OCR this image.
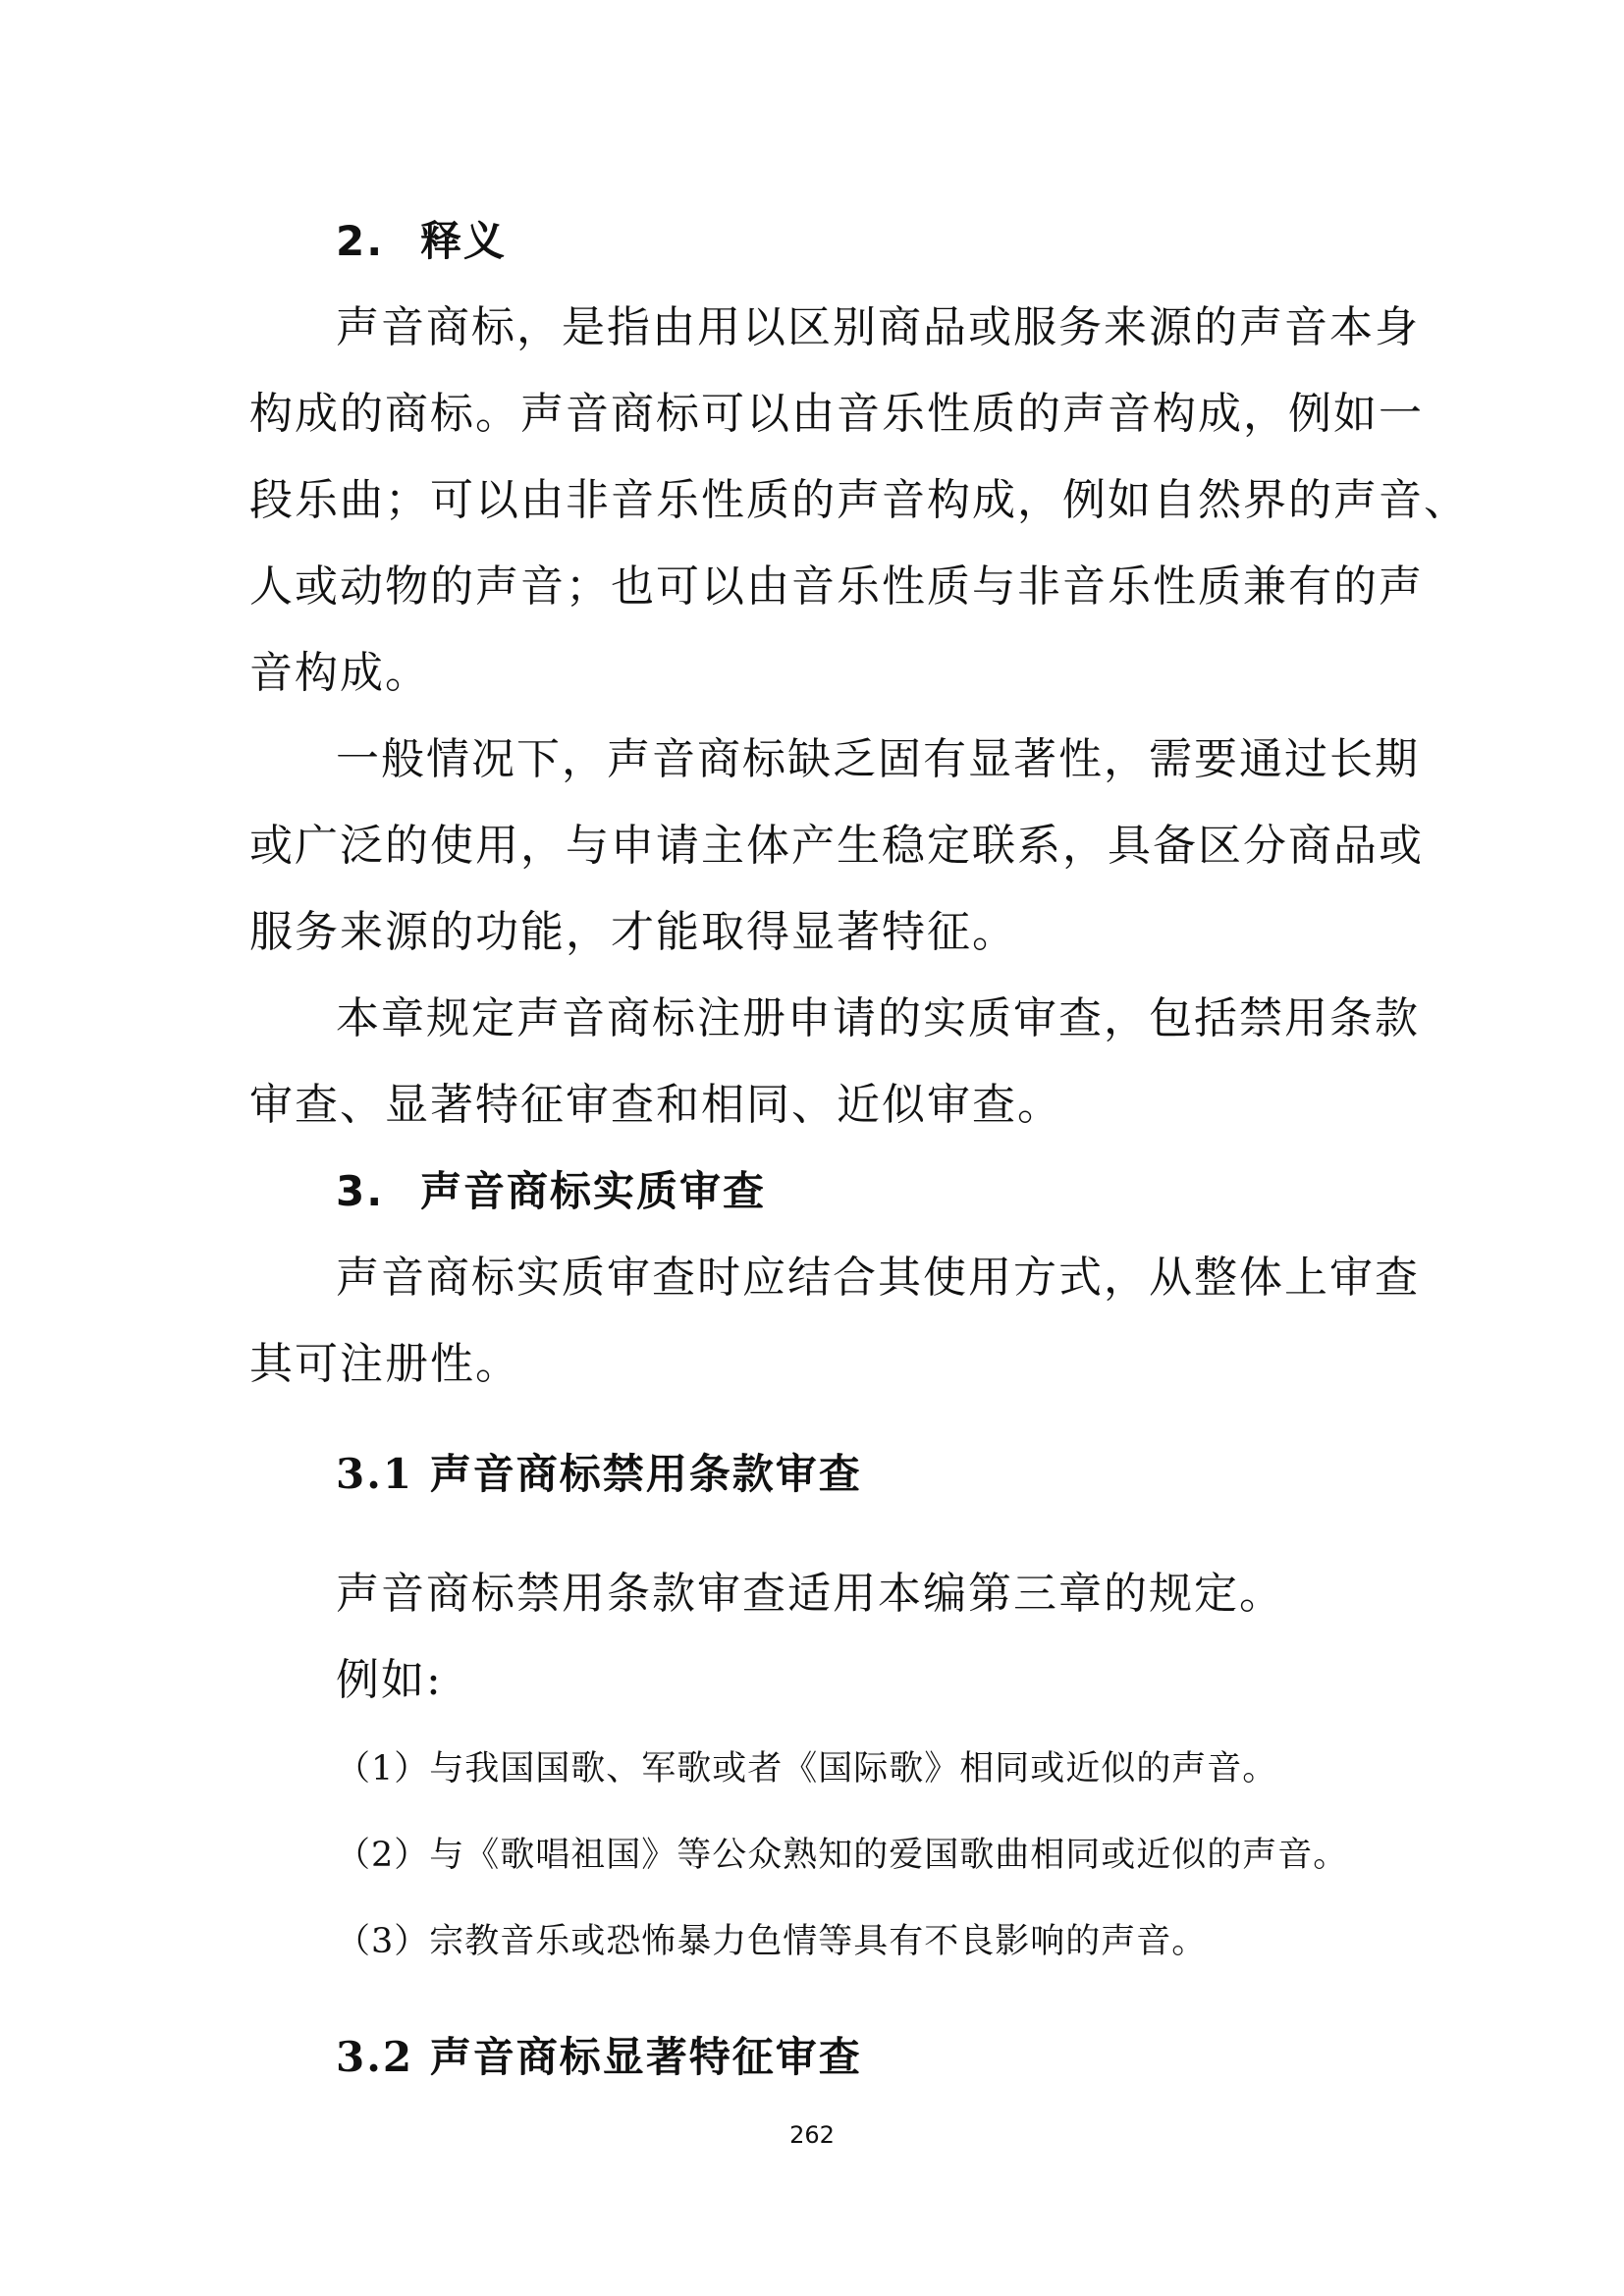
2. 释义
声音商标，是指由用以区别商品或服务来源的声音本身
构成的商标。声音商标可以由音乐性质的声音构成，例如一
段乐曲；可以由非音乐性质的声音构成，例如自然界的声音、
人或动物的声音；也可以由音乐性质与非音乐性质兼有的声
音构成。
一般情况下，声音商标缺乏固有显著性，需要通过长期
或广泛的使用，与申请主体产生稳定联系，具备区分商品或
服务来源的功能，才能取得显著特征。
本章规定声音商标注册申请的实质审查，包括禁用条款
审查、显著特征审查和相同、近似审查。
3. 声音商标实质审查
声音商标实质审查时应结合其使用方式，从整体上审查
其可注册性。
3.1 声音商标禁用条款审查
声音商标禁用条款审查适用本编第三章的规定。
例如:
（1）与我国国歌、军歌或者《国际歌》相同或近似的声音。
（2）与《歌唱祖国》等公众熟知的爱国歌曲相同或近似的声音。
（3）宗教音乐或恐怖暴力色情等具有不良影响的声音。
3.2 声音商标显著特征审查
262
